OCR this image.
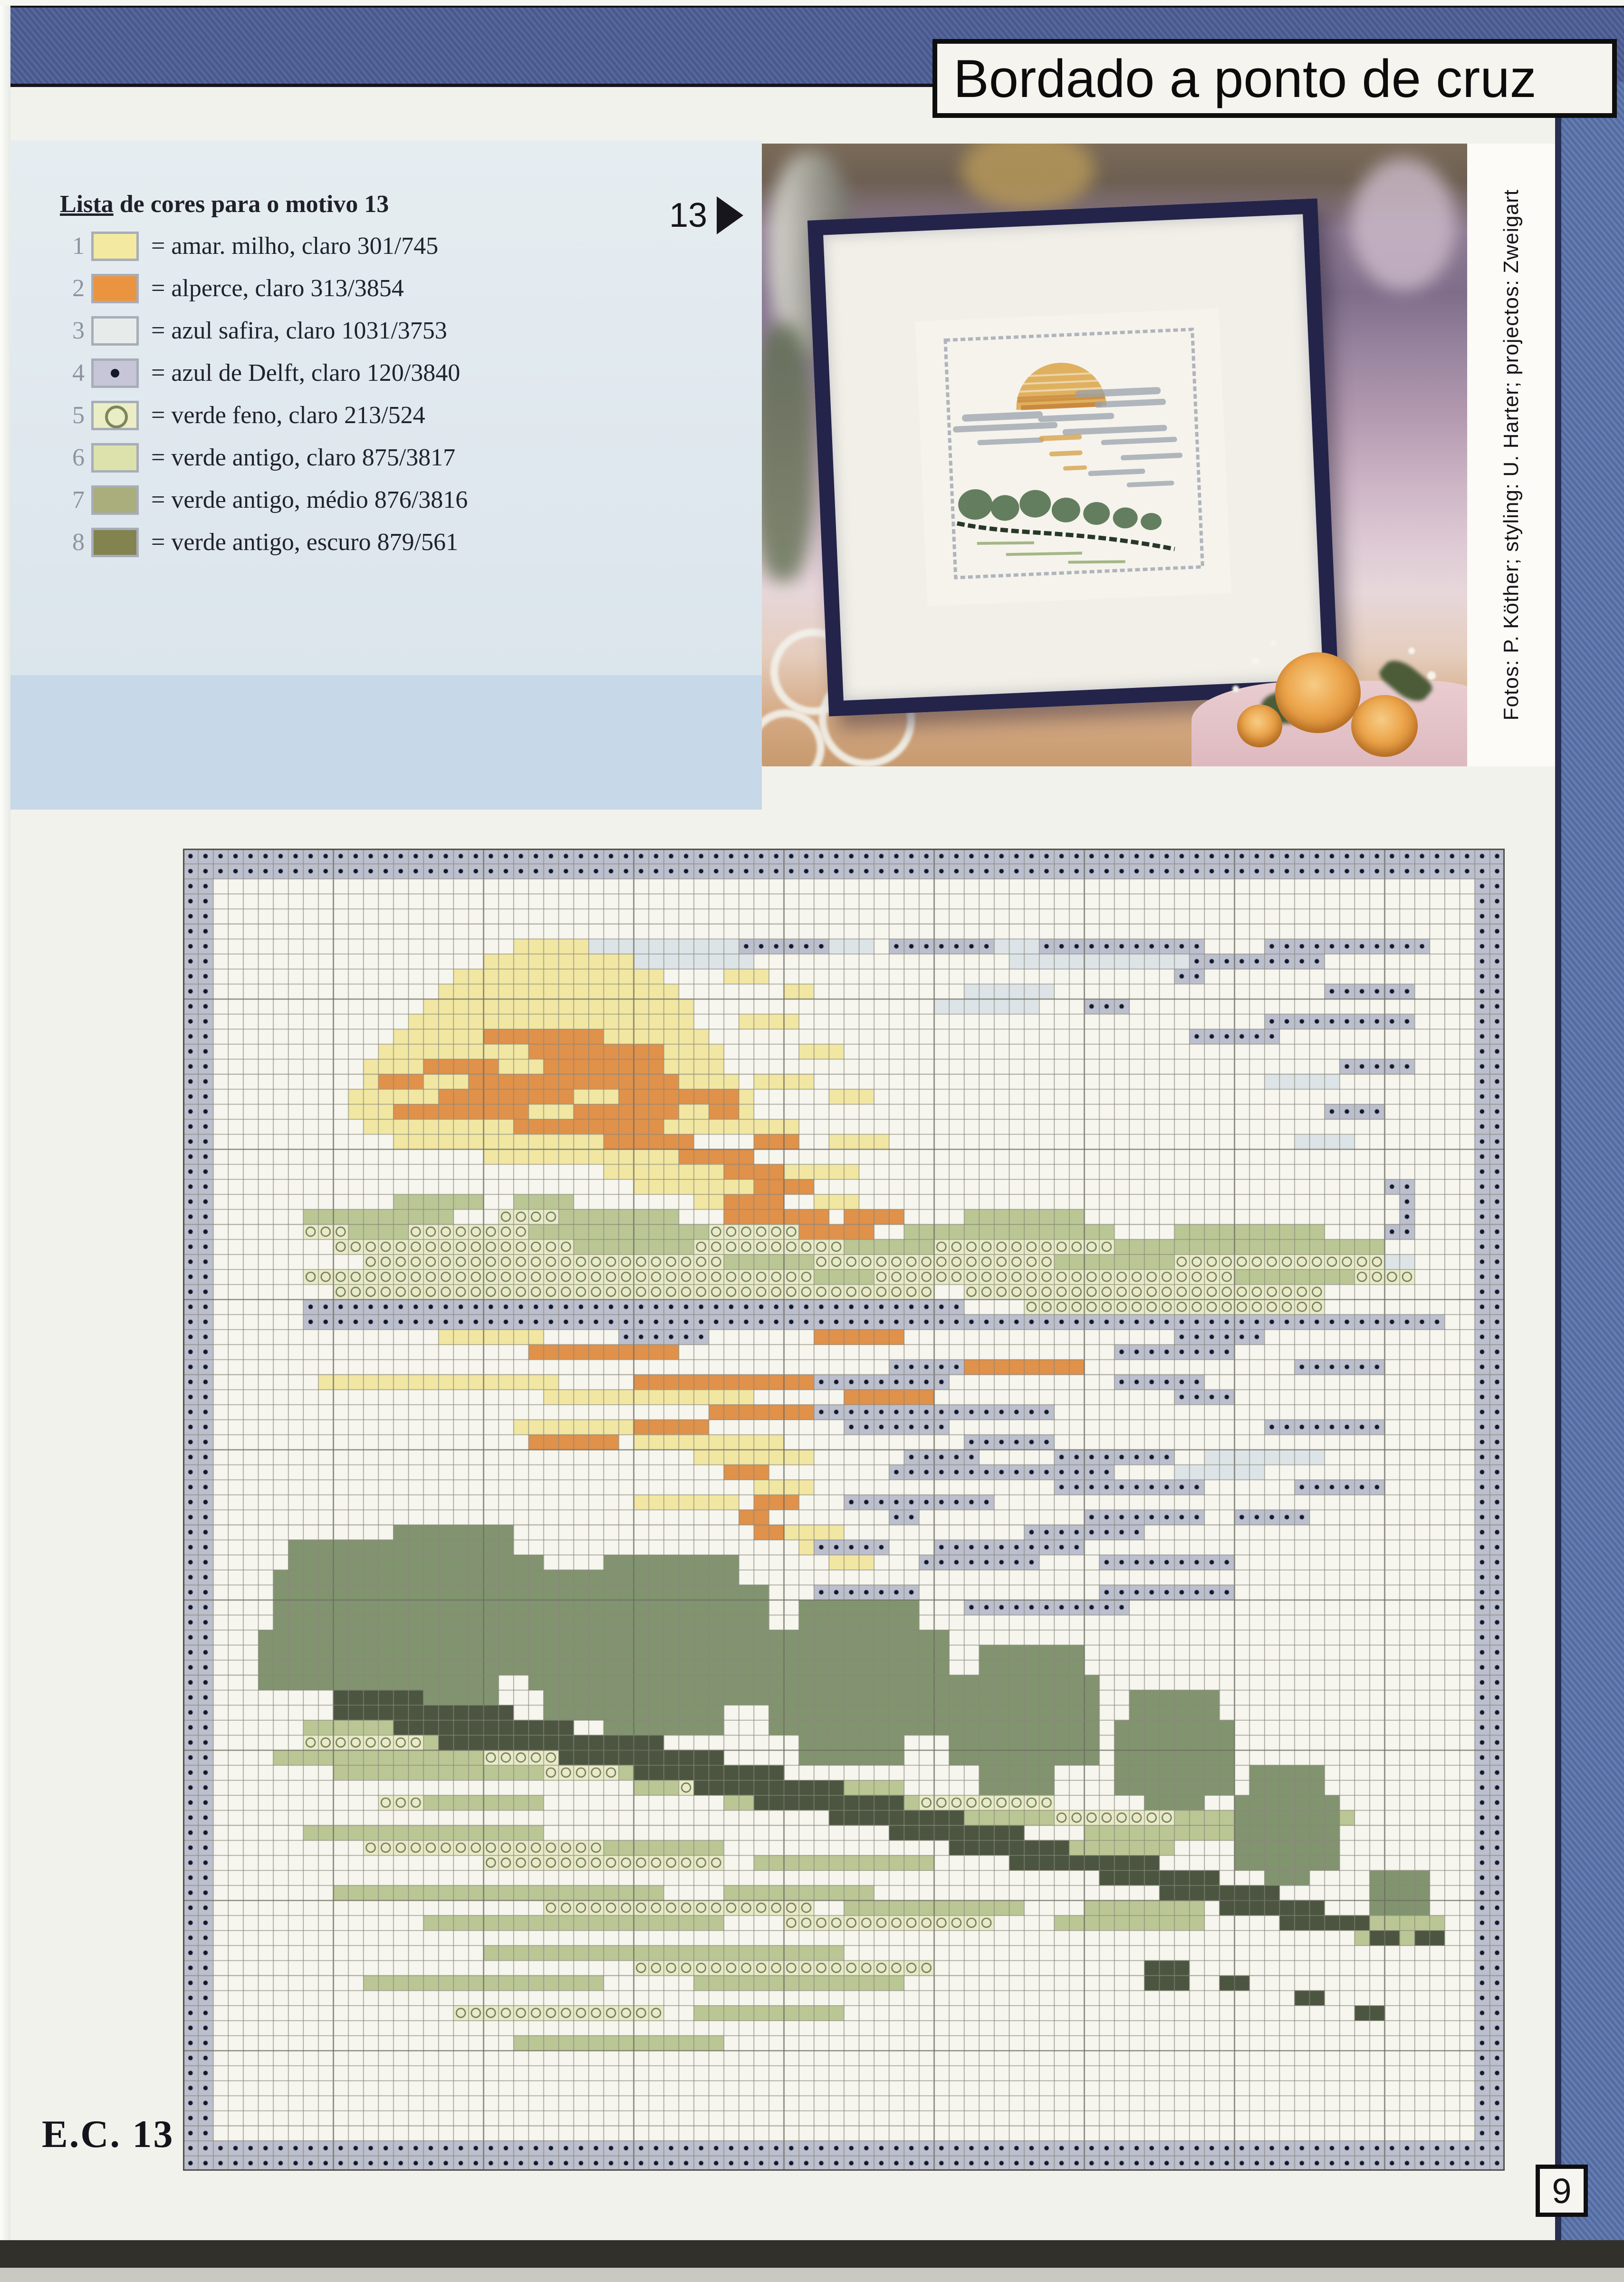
Bordado a ponto de cruz
Lista de cores para o motivo 13
1	= amar. milho, claro 301/745
2	= alperce, claro 313/3854
3	= azul safira, claro 1031/3753
4	= azul de Delft, claro 120/3840
5	= verde feno, claro 213/524
6	= verde antigo, claro 875/3817
7	= verde antigo, médio 876/3816
8	= verde antigo, escuro 879/561
13	Fotos: P. Köther; styling: U. Harter; projectos: Zweigart
E.C. 13
9
